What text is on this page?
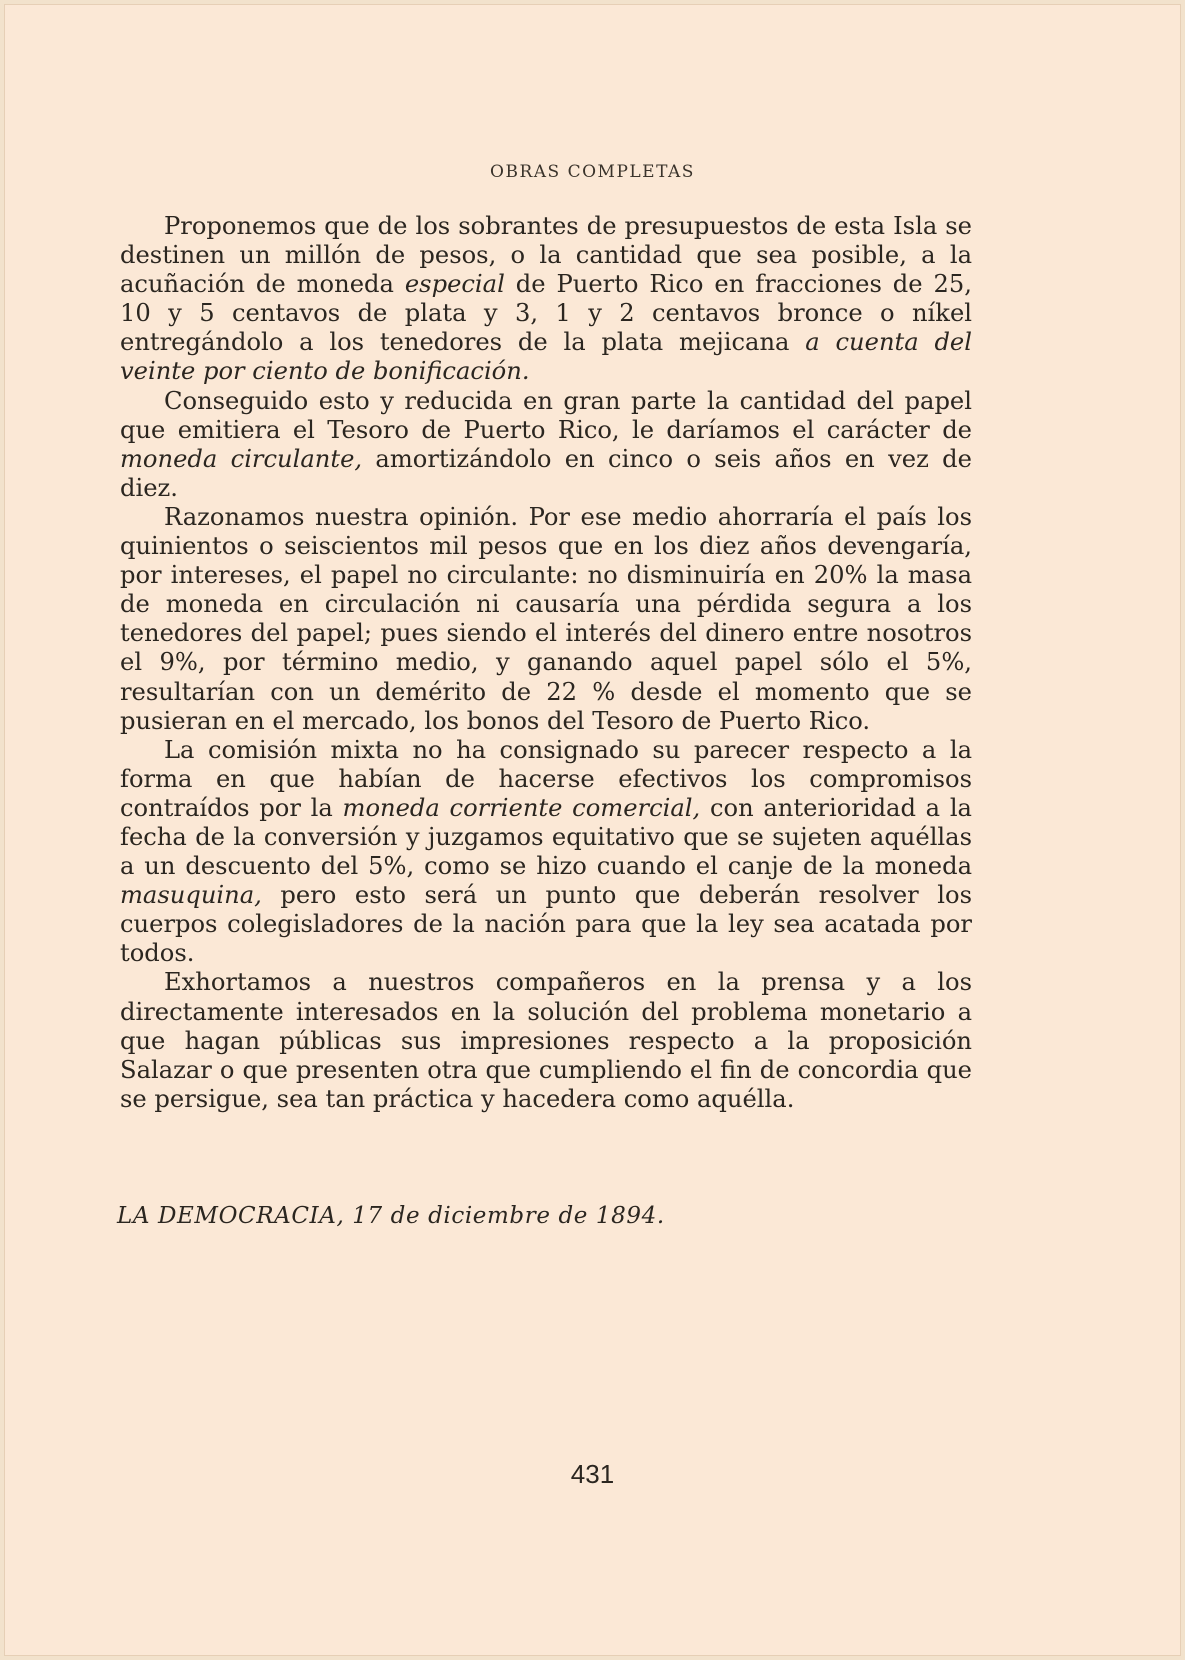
OBRAS COMPLETAS

Proponemos que de los sobrantes de presupuestos de esta Isla se destinen un millón de pesos, o la cantidad que sea posible, a la acuñación de moneda especial de Puerto Rico en fracciones de 25, 10 y 5 centavos de plata y 3, 1 y 2 centavos bronce o níkel entregándolo a los tenedores de la plata mejicana a cuenta del veinte por ciento de bonificación.

Conseguido esto y reducida en gran parte la cantidad del papel que emitiera el Tesoro de Puerto Rico, le daríamos el carácter de moneda circulante, amortizándolo en cinco o seis años en vez de diez.

Razonamos nuestra opinión. Por ese medio ahorraría el país los quinientos o seiscientos mil pesos que en los diez años devengaría, por intereses, el papel no circulante: no disminuiría en 20% la masa de moneda en circulación ni causaría una pérdida segura a los tenedores del papel; pues siendo el interés del dinero entre nosotros el 9%, por término medio, y ganando aquel papel sólo el 5%, resultarían con un demérito de 22 % desde el momento que se pusieran en el mercado, los bonos del Tesoro de Puerto Rico.

La comisión mixta no ha consignado su parecer respecto a la forma en que habían de hacerse efectivos los compromisos contraídos por la moneda corriente comercial, con anterioridad a la fecha de la conversión y juzgamos equitativo que se sujeten aquéllas a un descuento del 5%, como se hizo cuando el canje de la moneda masuquina, pero esto será un punto que deberán resolver los cuerpos colegisladores de la nación para que la ley sea acatada por todos.

Exhortamos a nuestros compañeros en la prensa y a los directamente interesados en la solución del problema monetario a que hagan públicas sus impresiones respecto a la proposición Salazar o que presenten otra que cumpliendo el fin de concordia que se persigue, sea tan práctica y hacedera como aquélla.

LA DEMOCRACIA, 17 de diciembre de 1894.
431
